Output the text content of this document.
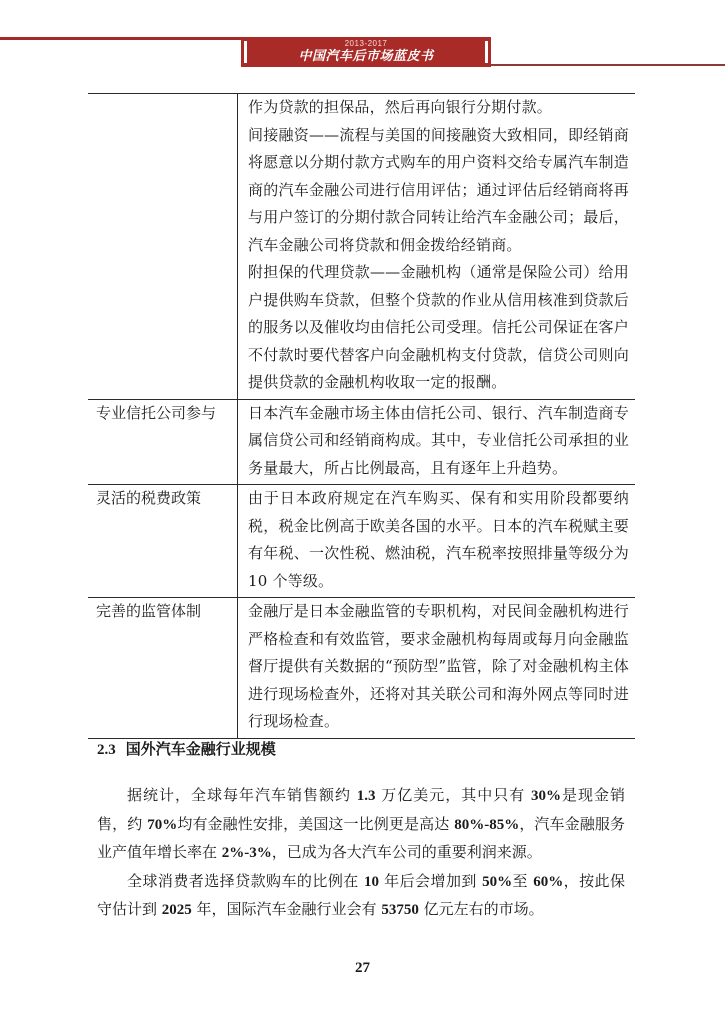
2013-2017
中国汽车后市场蓝皮书

	作为贷款的担保品，然后再向银行分期付款。
间接融资——流程与美国的间接融资大致相同，即经销商将愿意以分期付款方式购车的用户资料交给专属汽车制造商的汽车金融公司进行信用评估；通过评估后经销商将再与用户签订的分期付款合同转让给汽车金融公司；最后，汽车金融公司将贷款和佣金拨给经销商。
附担保的代理贷款——金融机构（通常是保险公司）给用户提供购车贷款，但整个贷款的作业从信用核准到贷款后的服务以及催收均由信托公司受理。信托公司保证在客户不付款时要代替客户向金融机构支付贷款，信贷公司则向提供贷款的金融机构收取一定的报酬。

专业信托公司参与	日本汽车金融市场主体由信托公司、银行、汽车制造商专属信贷公司和经销商构成。其中，专业信托公司承担的业务量最大，所占比例最高，且有逐年上升趋势。

灵活的税费政策	由于日本政府规定在汽车购买、保有和实用阶段都要纳税，税金比例高于欧美各国的水平。日本的汽车税赋主要有年税、一次性税、燃油税，汽车税率按照排量等级分为 10 个等级。

完善的监管体制	金融厅是日本金融监管的专职机构，对民间金融机构进行严格检查和有效监管，要求金融机构每周或每月向金融监督厅提供有关数据的“预防型”监管，除了对金融机构主体进行现场检查外，还将对其关联公司和海外网点等同时进行现场检查。
2.3 国外汽车金融行业规模

据统计，全球每年汽车销售额约 1.3 万亿美元，其中只有 30%是现金销售，约 70%均有金融性安排，美国这一比例更是高达 80%-85%，汽车金融服务业产值年增长率在 2%-3%，已成为各大汽车公司的重要利润来源。

全球消费者选择贷款购车的比例在 10 年后会增加到 50%至 60%，按此保守估计到 2025 年，国际汽车金融行业会有 53750 亿元左右的市场。

27
